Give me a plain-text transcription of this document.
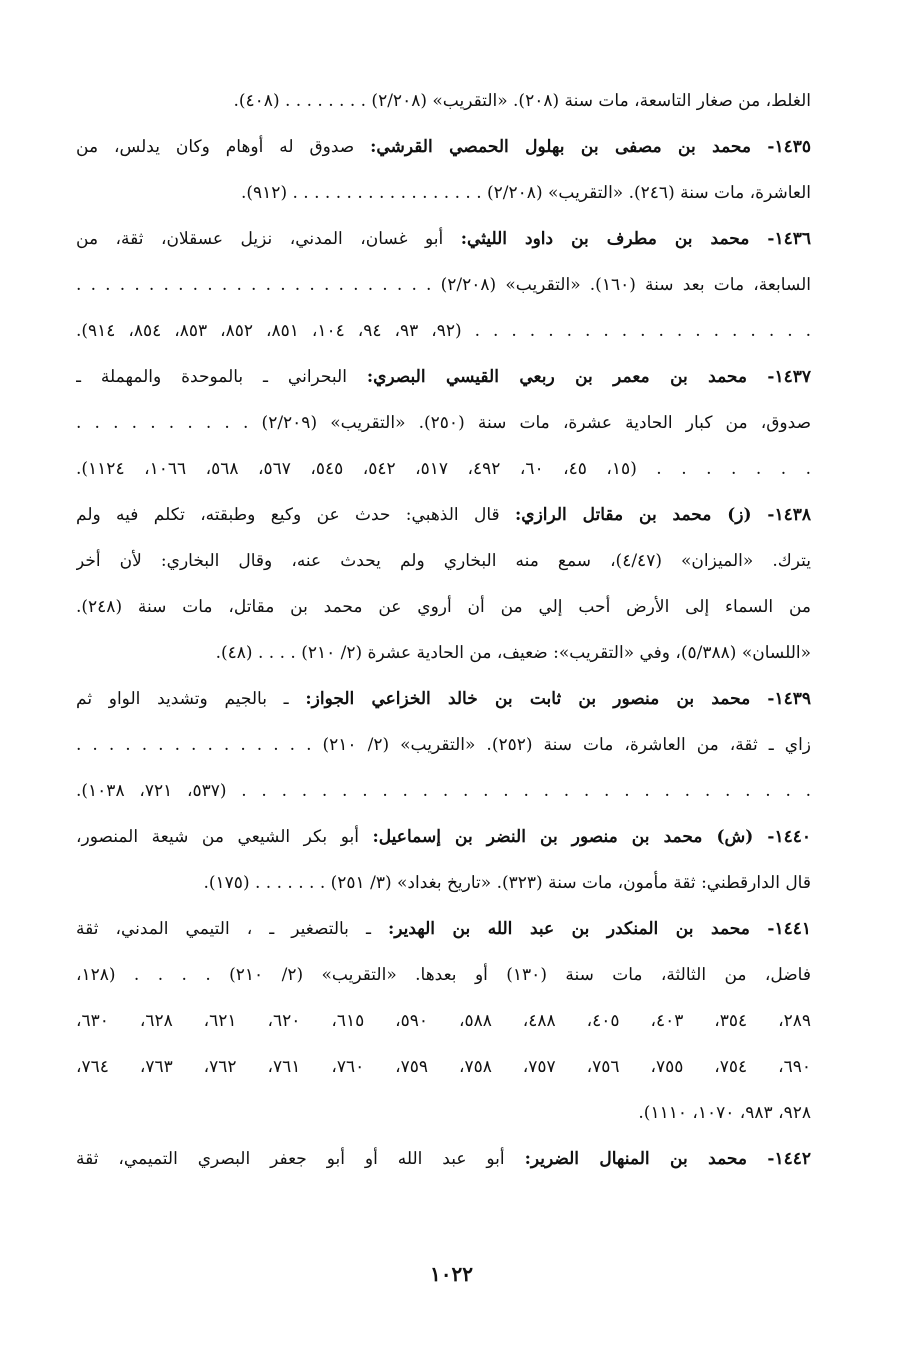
الغلط، من صغار التاسعة، مات سنة (٢٠٨). «التقريب» (٢/٢٠٨) . . . . . . . . (٤٠٨).
١٤٣٥- محمد بن مصفى بن بهلول الحمصي القرشي: صدوق له أوهام وكان يدلس، من
العاشرة، مات سنة (٢٤٦). «التقريب» (٢/٢٠٨) . . . . . . . . . . . . . . . . . . (٩١٢).
١٤٣٦- محمد بن مطرف بن داود الليثي: أبو غسان، المدني، نزيل عسقلان، ثقة، من
السابعة، مات بعد سنة (١٦٠). «التقريب» (٢/٢٠٨) . . . . . . . . . . . . . . . . . . . . . . . . .
. . . . . . . . . . . . . . . . . . . (٩٢، ٩٣، ٩٤، ١٠٤، ٨٥١، ٨٥٢، ٨٥٣، ٨٥٤، ٩١٤).
١٤٣٧- محمد بن معمر بن ربعي القيسي البصري: البحراني ـ بالموحدة والمهملة ـ
صدوق، من كبار الحادية عشرة، مات سنة (٢٥٠). «التقريب» (٢/٢٠٩) . . . . . . . . . .
. . . . . . . (١٥، ٤٥، ٦٠، ٤٩٢، ٥١٧، ٥٤٢، ٥٤٥، ٥٦٧، ٥٦٨، ١٠٦٦، ١١٢٤).
١٤٣٨- (ز) محمد بن مقاتل الرازي: قال الذهبي: حدث عن وكيع وطبقته، تكلم فيه ولم
يترك. «الميزان» (٤/٤٧)، سمع منه البخاري ولم يحدث عنه، وقال البخاري: لأن أخر
من السماء إلى الأرض أحب إلي من أن أروي عن محمد بن مقاتل، مات سنة (٢٤٨).
«اللسان» (٥/٣٨٨)، وفي «التقريب»: ضعيف، من الحادية عشرة (٢/ ٢١٠) . . . . (٤٨).
١٤٣٩- محمد بن منصور بن ثابت بن خالد الخزاعي الجواز: ـ بالجيم وتشديد الواو ثم
زاي ـ ثقة، من العاشرة، مات سنة (٢٥٢). «التقريب» (٢/ ٢١٠) . . . . . . . . . . . . . . .
. . . . . . . . . . . . . . . . . . . . . . . . . . . . . (٥٣٧، ٧٢١، ١٠٣٨).
١٤٤٠- (ش) محمد بن منصور بن النضر بن إسماعيل: أبو بكر الشيعي من شيعة المنصور،
قال الدارقطني: ثقة مأمون، مات سنة (٣٢٣). «تاريخ بغداد» (٣/ ٢٥١) . . . . . . . (١٧٥).
١٤٤١- محمد بن المنكدر بن عبد الله بن الهدير: ـ بالتصغير ـ ، التيمي المدني، ثقة
فاضل، من الثالثة، مات سنة (١٣٠) أو بعدها. «التقريب» (٢/ ٢١٠) . . . . (١٢٨،
٢٨٩، ٣٥٤، ٤٠٣، ٤٠٥، ٤٨٨، ٥٨٨، ٥٩٠، ٦١٥، ٦٢٠، ٦٢١، ٦٢٨، ٦٣٠،
٦٩٠، ٧٥٤، ٧٥٥، ٧٥٦، ٧٥٧، ٧٥٨، ٧٥٩، ٧٦٠، ٧٦١، ٧٦٢، ٧٦٣، ٧٦٤،
٩٢٨، ٩٨٣، ١٠٧٠، ١١١٠).
١٤٤٢- محمد بن المنهال الضرير: أبو عبد الله أو أبو جعفر البصري التميمي، ثقة
١٠٢٢
